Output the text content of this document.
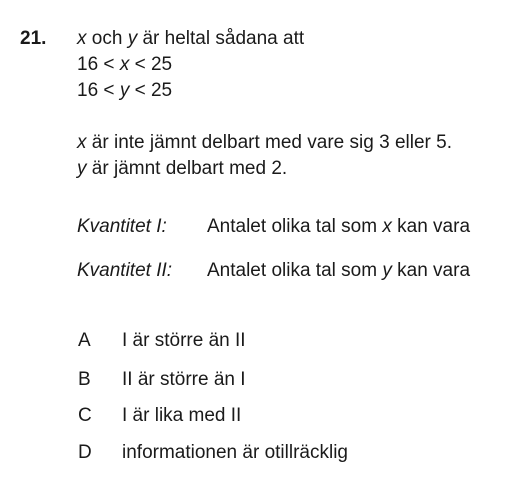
21. x och y är heltal sådana att
16 < x < 25
16 < y < 25
x är inte jämnt delbart med vare sig 3 eller 5.
y är jämnt delbart med 2.
Kvantitet I: Antalet olika tal som x kan vara
Kvantitet II: Antalet olika tal som y kan vara
A I är större än II
B II är större än I
C I är lika med II
D informationen är otillräcklig
